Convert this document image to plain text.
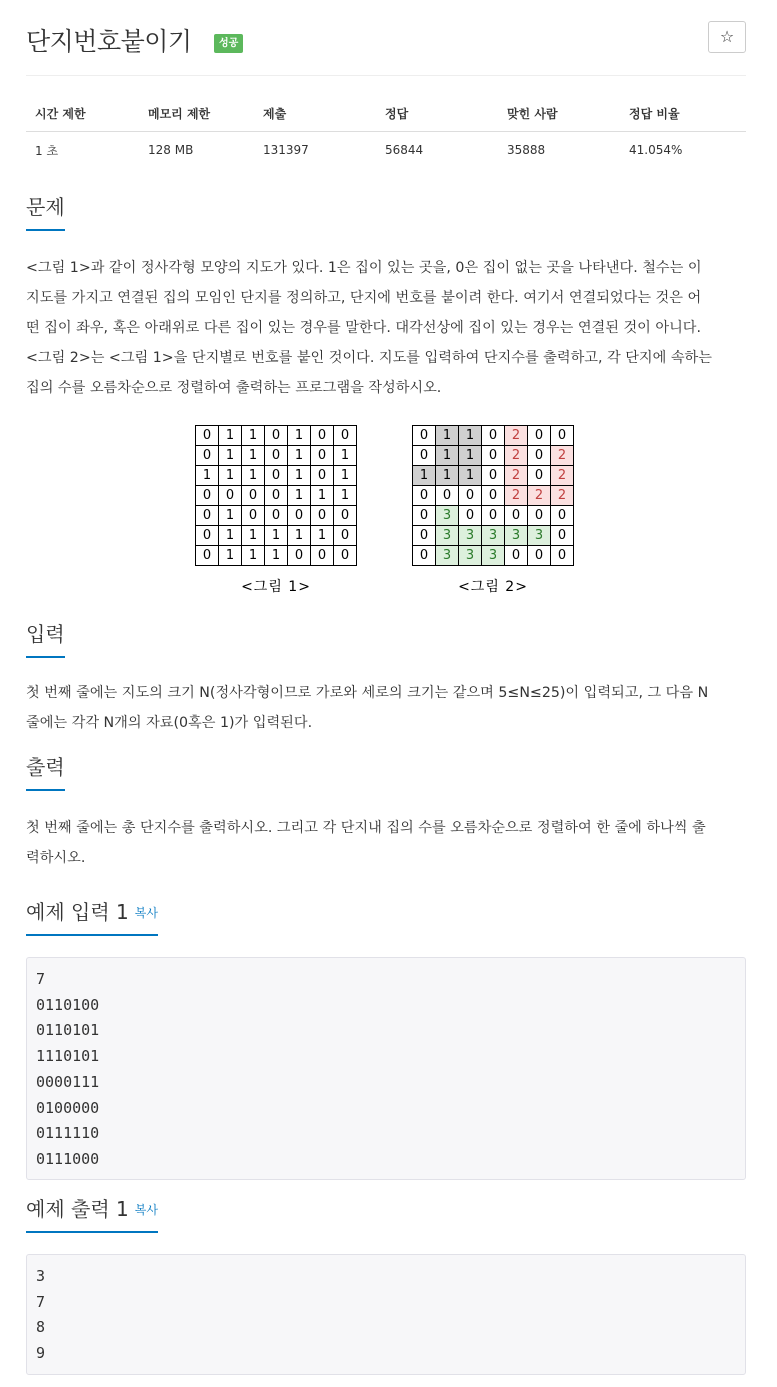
단지번호붙이기	성공	☆
시간 제한	메모리 제한	제출	정답	맞힌 사람	정답 비율
1 초	128 MB	131397	56844	35888	41.054%
문제

<그림 1>과 같이 정사각형 모양의 지도가 있다. 1은 집이 있는 곳을, 0은 집이 없는 곳을 나타낸다. 철수는 이

지도를 가지고 연결된 집의 모임인 단지를 정의하고, 단지에 번호를 붙이려 한다. 여기서 연결되었다는 것은 어

떤 집이 좌우, 혹은 아래위로 다른 집이 있는 경우를 말한다. 대각선상에 집이 있는 경우는 연결된 것이 아니다.

<그림 2>는 <그림 1>을 단지별로 번호를 붙인 것이다. 지도를 입력하여 단지수를 출력하고, 각 단지에 속하는

집의 수를 오름차순으로 정렬하여 출력하는 프로그램을 작성하시오.

0	1	1	0	1	0	0
0	1	1	0	1	0	1
1	1	1	0	1	0	1
0	0	0	0	1	1	1
0	1	0	0	0	0	0
0	1	1	1	1	1	0
0	1	1	1	0	0	0
<그림 1>
0	1	1	0	2	0	0
0	1	1	0	2	0	2
1	1	1	0	2	0	2
0	0	0	0	2	2	2
0	3	0	0	0	0	0
0	3	3	3	3	3	0
0	3	3	3	0	0	0
<그림 2>
입력

첫 번째 줄에는 지도의 크기 N(정사각형이므로 가로와 세로의 크기는 같으며 5≤N≤25)이 입력되고, 그 다음 N

줄에는 각각 N개의 자료(0혹은 1)가 입력된다.

출력

첫 번째 줄에는 총 단지수를 출력하시오. 그리고 각 단지내 집의 수를 오름차순으로 정렬하여 한 줄에 하나씩 출

력하시오.

예제 입력 1 복사
7
0110100
0110101
1110101
0000111
0100000
0111110
0111000
예제 출력 1 복사
3
7
8
9
